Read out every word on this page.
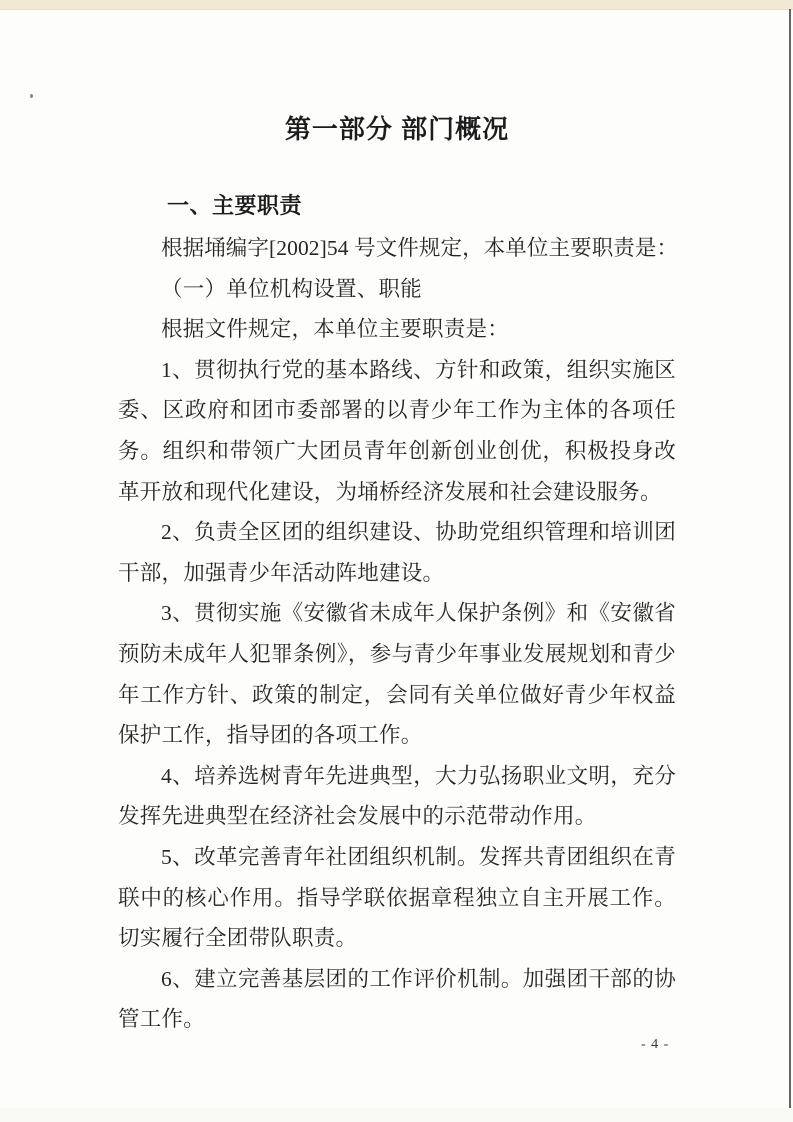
第一部分 部门概况
一、主要职责

根据埇编字[2002]54 号文件规定，本单位主要职责是：

（一）单位机构设置、职能

根据文件规定，本单位主要职责是：

1、贯彻执行党的基本路线、方针和政策，组织实施区委、区政府和团市委部署的以青少年工作为主体的各项任务。组织和带领广大团员青年创新创业创优，积极投身改革开放和现代化建设，为埇桥经济发展和社会建设服务。

2、负责全区团的组织建设、协助党组织管理和培训团干部，加强青少年活动阵地建设。

3、贯彻实施《安徽省未成年人保护条例》和《安徽省预防未成年人犯罪条例》，参与青少年事业发展规划和青少年工作方针、政策的制定，会同有关单位做好青少年权益保护工作，指导团的各项工作。

4、培养选树青年先进典型，大力弘扬职业文明，充分发挥先进典型在经济社会发展中的示范带动作用。

5、改革完善青年社团组织机制。发挥共青团组织在青联中的核心作用。指导学联依据章程独立自主开展工作。切实履行全团带队职责。

6、建立完善基层团的工作评价机制。加强团干部的协管工作。

- 4 -
